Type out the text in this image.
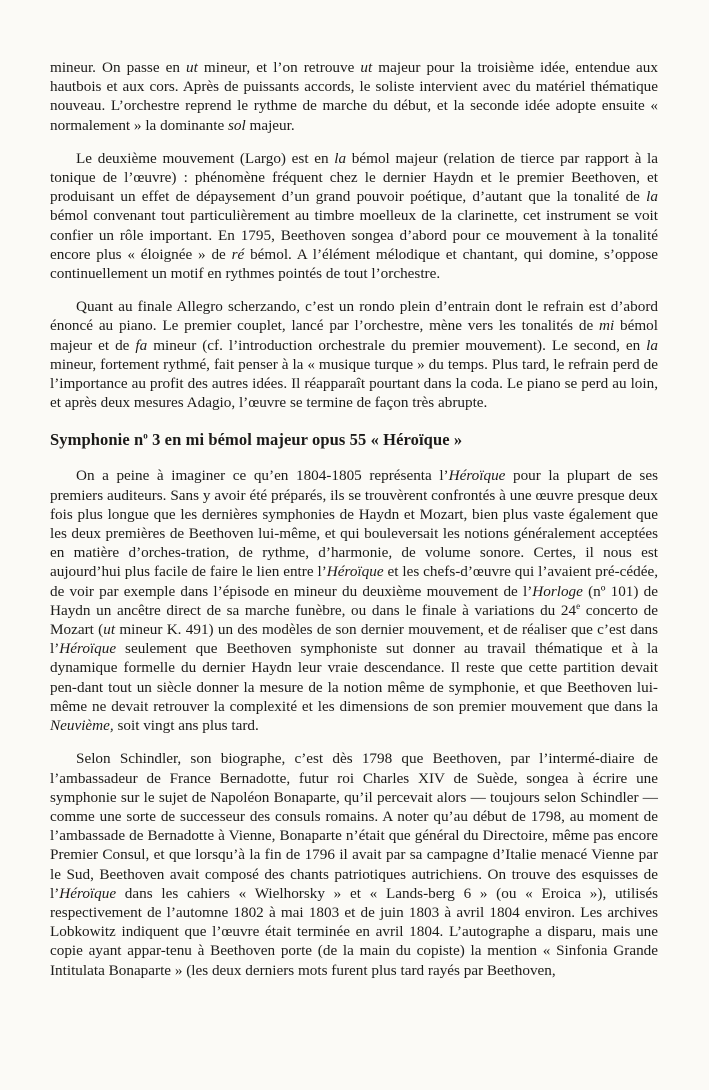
mineur. On passe en ut mineur, et l’on retrouve ut majeur pour la troisième idée, entendue aux hautbois et aux cors. Après de puissants accords, le soliste intervient avec du matériel thématique nouveau. L’orchestre reprend le rythme de marche du début, et la seconde idée adopte ensuite « normalement » la dominante sol majeur.

Le deuxième mouvement (Largo) est en la bémol majeur (relation de tierce par rapport à la tonique de l’œuvre) : phénomène fréquent chez le dernier Haydn et le premier Beethoven, et produisant un effet de dépaysement d’un grand pouvoir poétique, d’autant que la tonalité de la bémol convenant tout particulièrement au timbre moelleux de la clarinette, cet instrument se voit confier un rôle important. En 1795, Beethoven songea d’abord pour ce mouvement à la tonalité encore plus « éloignée » de ré bémol. A l’élément mélodique et chantant, qui domine, s’oppose continuellement un motif en rythmes pointés de tout l’orchestre.

Quant au finale Allegro scherzando, c’est un rondo plein d’entrain dont le refrain est d’abord énoncé au piano. Le premier couplet, lancé par l’orchestre, mène vers les tonalités de mi bémol majeur et de fa mineur (cf. l’introduction orchestrale du premier mouvement). Le second, en la mineur, fortement rythmé, fait penser à la « musique turque » du temps. Plus tard, le refrain perd de l’importance au profit des autres idées. Il réapparaît pourtant dans la coda. Le piano se perd au loin, et après deux mesures Adagio, l’œuvre se termine de façon très abrupte.

Symphonie $n^o$ 3 en mi bémol majeur opus 55 « Héroïque »

On a peine à imaginer ce qu’en 1804-1805 représenta l’Héroïque pour la plupart de ses premiers auditeurs. Sans y avoir été préparés, ils se trouvèrent confrontés à une œuvre presque deux fois plus longue que les dernières symphonies de Haydn et Mozart, bien plus vaste également que les deux premières de Beethoven lui-même, et qui bouleversait les notions généralement acceptées en matière d’orches-tration, de rythme, d’harmonie, de volume sonore. Certes, il nous est aujourd’hui plus facile de faire le lien entre l’Héroïque et les chefs-d’œuvre qui l’avaient pré-cédée, de voir par exemple dans l’épisode en mineur du deuxième mouvement de l’Horloge (nº 101) de Haydn un ancêtre direct de sa marche funèbre, ou dans le finale à variations du 24e concerto de Mozart (ut mineur K. 491) un des modèles de son dernier mouvement, et de réaliser que c’est dans l’Héroïque seulement que Beethoven symphoniste sut donner au travail thématique et à la dynamique formelle du dernier Haydn leur vraie descendance. Il reste que cette partition devait pen-dant tout un siècle donner la mesure de la notion même de symphonie, et que Beethoven lui-même ne devait retrouver la complexité et les dimensions de son premier mouvement que dans la Neuvième, soit vingt ans plus tard.

Selon Schindler, son biographe, c’est dès 1798 que Beethoven, par l’intermé-diaire de l’ambassadeur de France Bernadotte, futur roi Charles XIV de Suède, songea à écrire une symphonie sur le sujet de Napoléon Bonaparte, qu’il percevait alors — toujours selon Schindler — comme une sorte de successeur des consuls romains. A noter qu’au début de 1798, au moment de l’ambassade de Bernadotte à Vienne, Bonaparte n’était que général du Directoire, même pas encore Premier Consul, et que lorsqu’à la fin de 1796 il avait par sa campagne d’Italie menacé Vienne par le Sud, Beethoven avait composé des chants patriotiques autrichiens. On trouve des esquisses de l’Héroïque dans les cahiers « Wielhorsky » et « Lands-berg 6 » (ou « Eroica »), utilisés respectivement de l’automne 1802 à mai 1803 et de juin 1803 à avril 1804 environ. Les archives Lobkowitz indiquent que l’œuvre était terminée en avril 1804. L’autographe a disparu, mais une copie ayant appar-tenu à Beethoven porte (de la main du copiste) la mention « Sinfonia Grande Intitulata Bonaparte » (les deux derniers mots furent plus tard rayés par Beethoven,
